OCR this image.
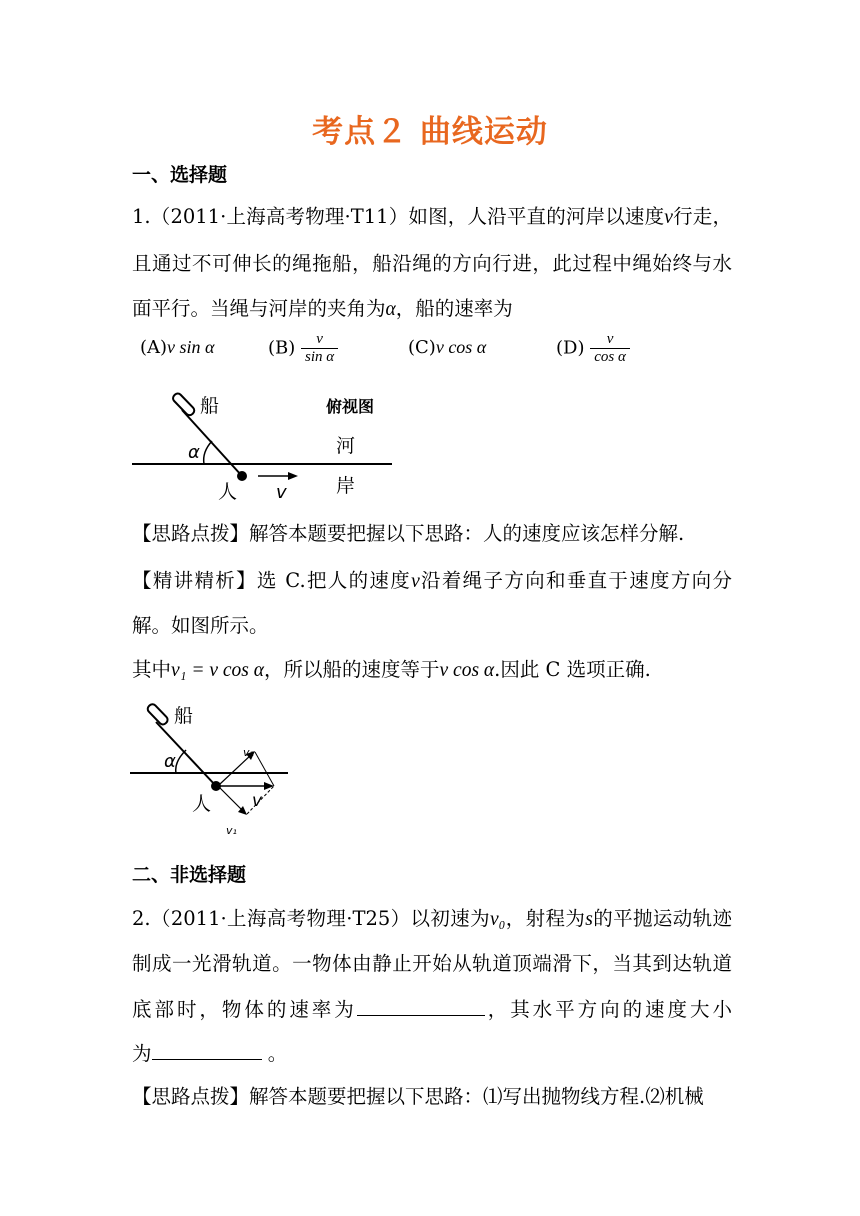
考点２ 曲线运动
一、选择题
1.（2011·上海高考物理·T11）如图，人沿平直的河岸以速度v行走，
且通过不可伸长的绳拖船，船沿绳的方向行进，此过程中绳始终与水
面平行。当绳与河岸的夹角为α，船的速率为
(A)v sin α	$(B) \frac{v}{\text{sin α}}$	(C)v cos α	$(D) \frac{v}{\text{cos α}}$
船	俯视图
河
岸
人
α
v
【思路点拨】解答本题要把握以下思路：人的速度应该怎样分解.
【精讲精析】选 C.把人的速度v沿着绳子方向和垂直于速度方向分
解。如图所示。
其中v₁ = v cos α，所以船的速度等于v cos α.因此 C 选项正确.
船
人
α
v
v₂
v₁
二、非选择题
2.（2011·上海高考物理·T25）以初速为v₀，射程为s的平抛运动轨迹
制成一光滑轨道。一物体由静止开始从轨道顶端滑下，当其到达轨道
底部时，物体的速率为	，其水平方向的速度大小
为	。
【思路点拨】解答本题要把握以下思路：⑴写出抛物线方程.⑵机械
